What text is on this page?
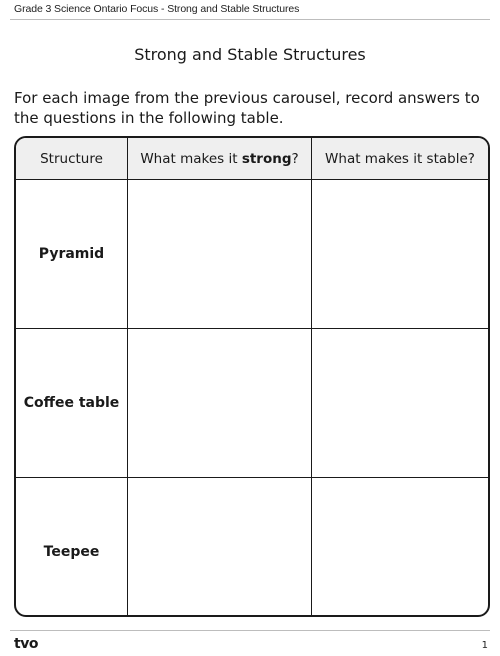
Grade 3 Science Ontario Focus - Strong and Stable Structures
Strong and Stable Structures
For each image from the previous carousel, record answers to the questions in the following table.
Structure	What makes it strong?	What makes it stable?
Pyramid		
Coffee table		
Teepee		
tvo	1
